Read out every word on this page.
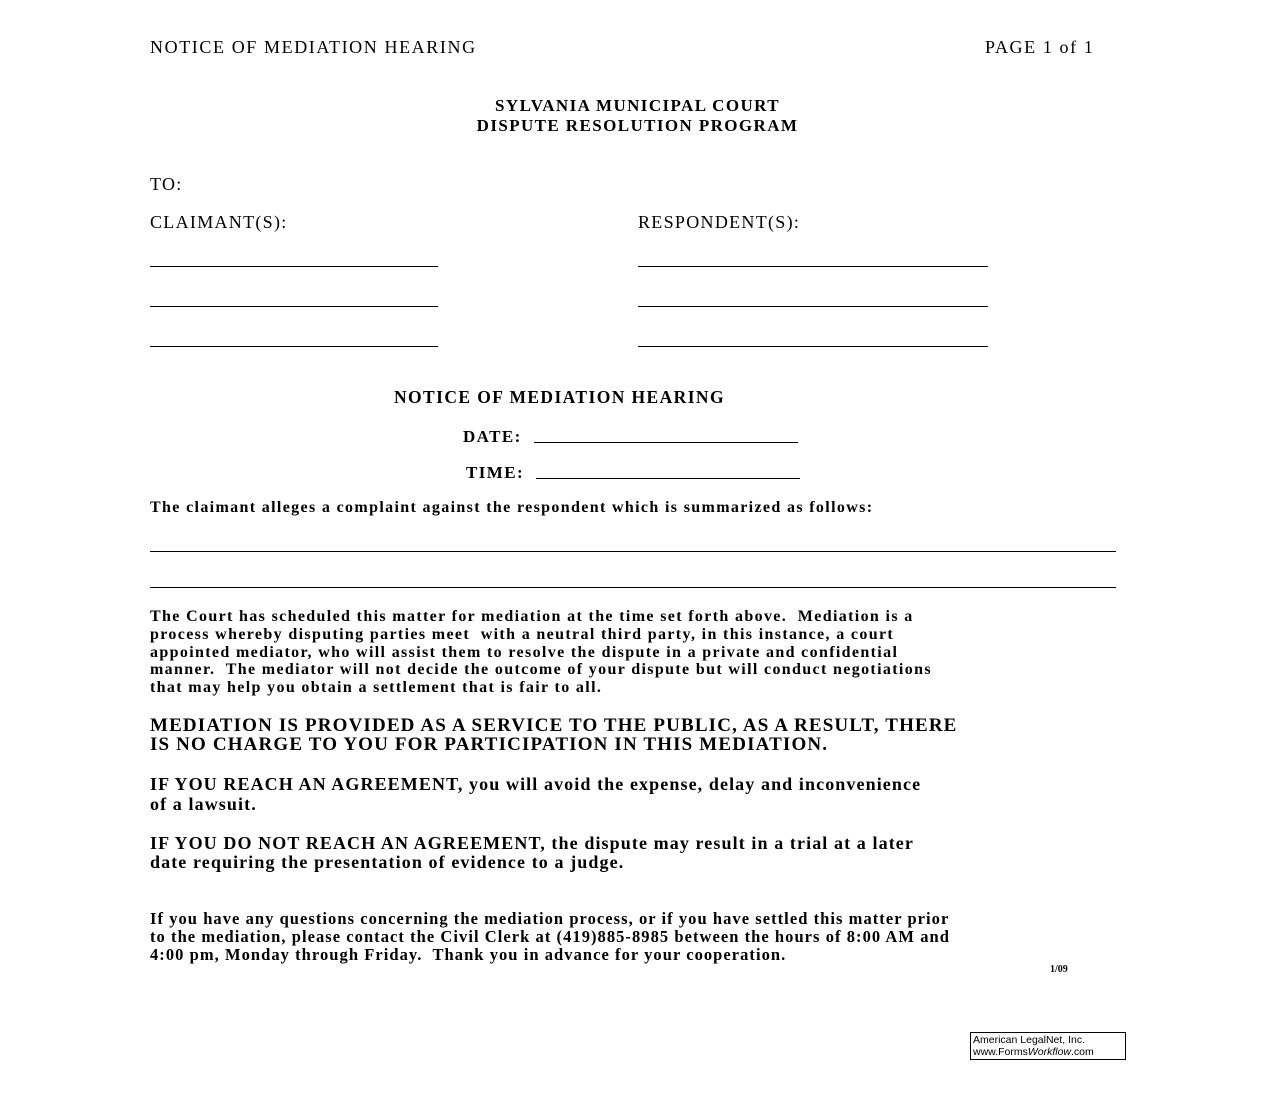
NOTICE OF MEDIATION HEARING	PAGE 1 of 1
SYLVANIA MUNICIPAL COURT
DISPUTE RESOLUTION PROGRAM
TO:
CLAIMANT(S):	RESPONDENT(S):
NOTICE OF MEDIATION HEARING
DATE:
TIME:
The claimant alleges a complaint against the respondent which is summarized as follows:
The Court has scheduled this matter for mediation at the time set forth above.  Mediation is a
process whereby disputing parties meet  with a neutral third party, in this instance, a court
appointed mediator, who will assist them to resolve the dispute in a private and confidential
manner.  The mediator will not decide the outcome of your dispute but will conduct negotiations
that may help you obtain a settlement that is fair to all.
MEDIATION IS PROVIDED AS A SERVICE TO THE PUBLIC, AS A RESULT, THERE
IS NO CHARGE TO YOU FOR PARTICIPATION IN THIS MEDIATION.
IF YOU REACH AN AGREEMENT, you will avoid the expense, delay and inconvenience
of a lawsuit.
IF YOU DO NOT REACH AN AGREEMENT, the dispute may result in a trial at a later
date requiring the presentation of evidence to a judge.
If you have any questions concerning the mediation process, or if you have settled this matter prior
to the mediation, please contact the Civil Clerk at (419)885-8985 between the hours of 8:00 AM and
4:00 pm, Monday through Friday.  Thank you in advance for your cooperation.
1/09
American LegalNet, Inc.
www.FormsWorkflow.com
